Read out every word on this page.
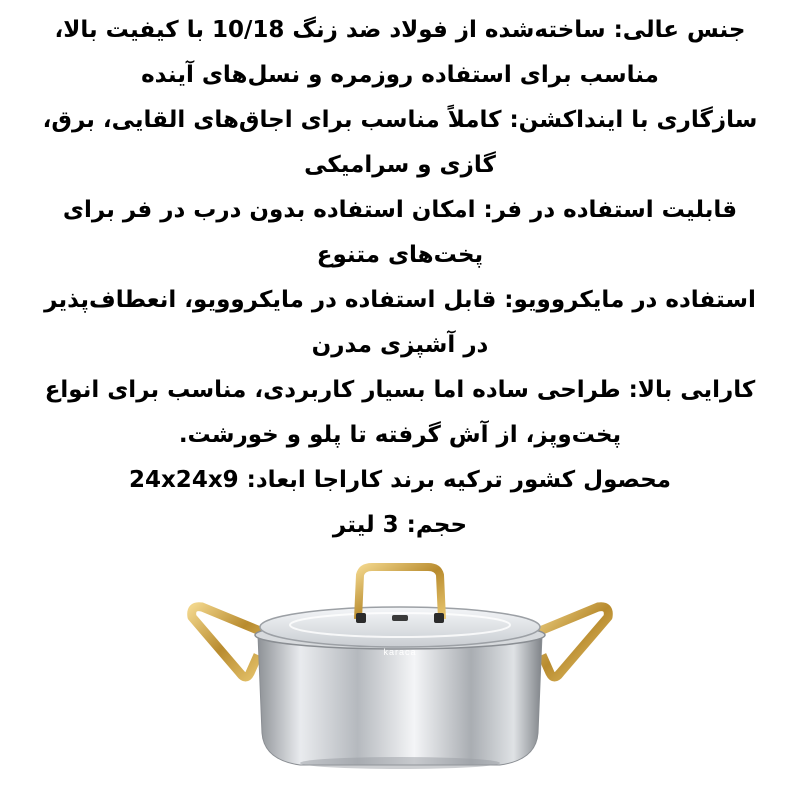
جنس عالی: ساخته‌شده از فولاد ضد زنگ 10/18 با کیفیت بالا، مناسب برای استفاده روزمره و نسل‌های آینده

سازگاری با اینداکشن: کاملاً مناسب برای اجاق‌های القایی، برق، گازی و سرامیکی

قابلیت استفاده در فر: امکان استفاده بدون درب در فر برای پخت‌های متنوع

استفاده در مایکروویو: قابل استفاده در مایکروویو، انعطاف‌پذیر در آشپزی مدرن

کارایی بالا: طراحی ساده اما بسیار کاربردی، مناسب برای انواع پخت‌وپز، از آش گرفته تا پلو و خورشت.

محصول کشور ترکیه برند کاراجا ابعاد: 24x24x9

حجم: 3 لیتر

karaca
